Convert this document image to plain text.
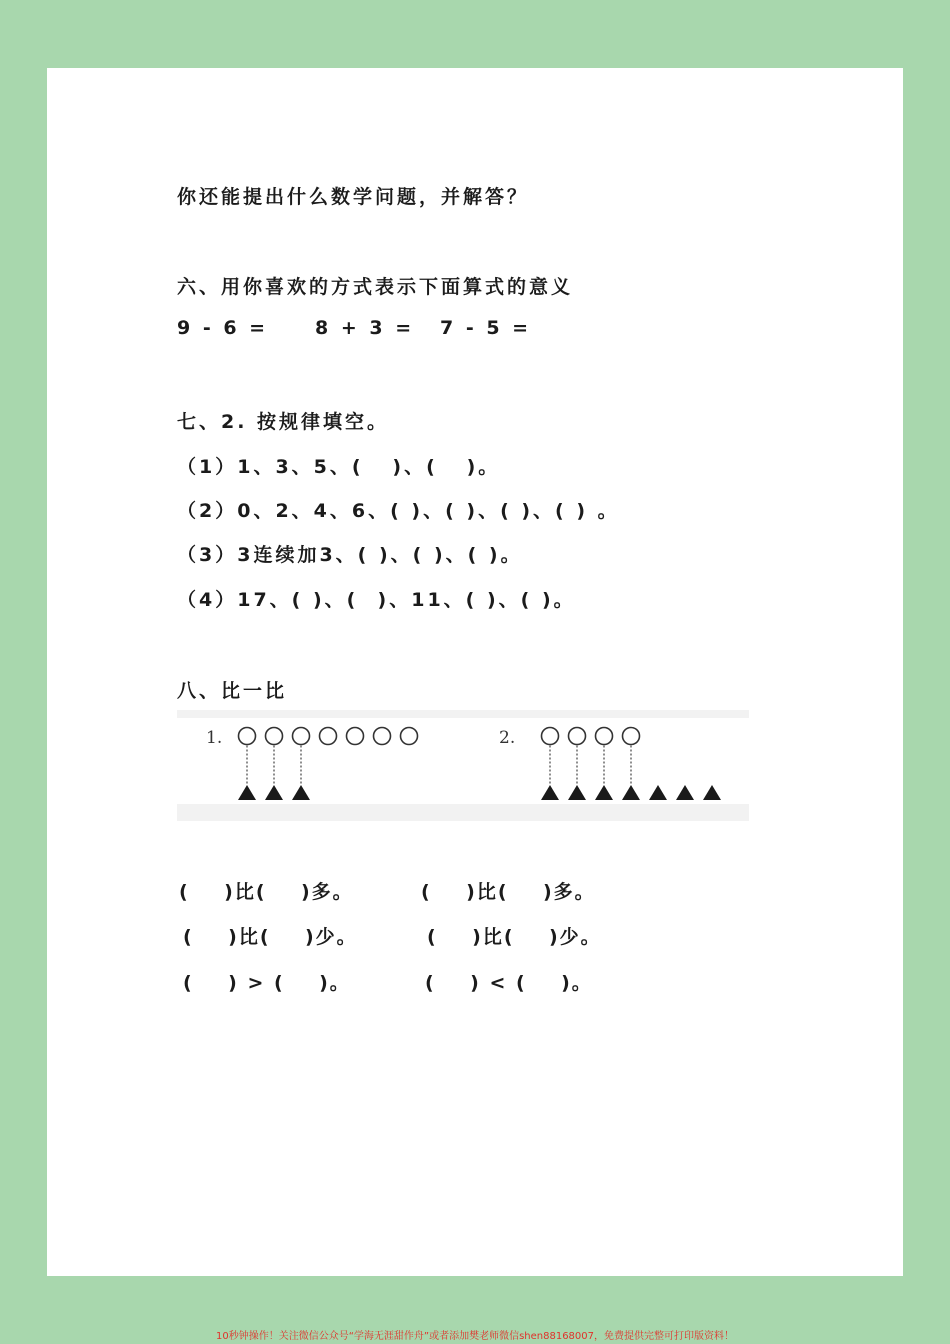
你还能提出什么数学问题，并解答？
六、用你喜欢的方式表示下面算式的意义
9 - 6 = 8 + 3 = 7 - 5 =
七、2. 按规律填空。
（1）1、3、5、(   )、(   )。
（2）0、2、4、6、( )、( )、( )、( ) 。
（3）3连续加3、( )、( )、( )。
（4）17、( )、(  )、11、( )、( )。
八、比一比
1.	2.
(    )比(    )多。
(    )比(    )少。
(    ) > (    )。
(    )比(    )多。
(    )比(    )少。
(    ) < (    )。
10秒钟操作！关注微信公众号“学海无涯甜作舟”或者添加樊老师微信shen88168007，免费提供完整可打印版资料！
